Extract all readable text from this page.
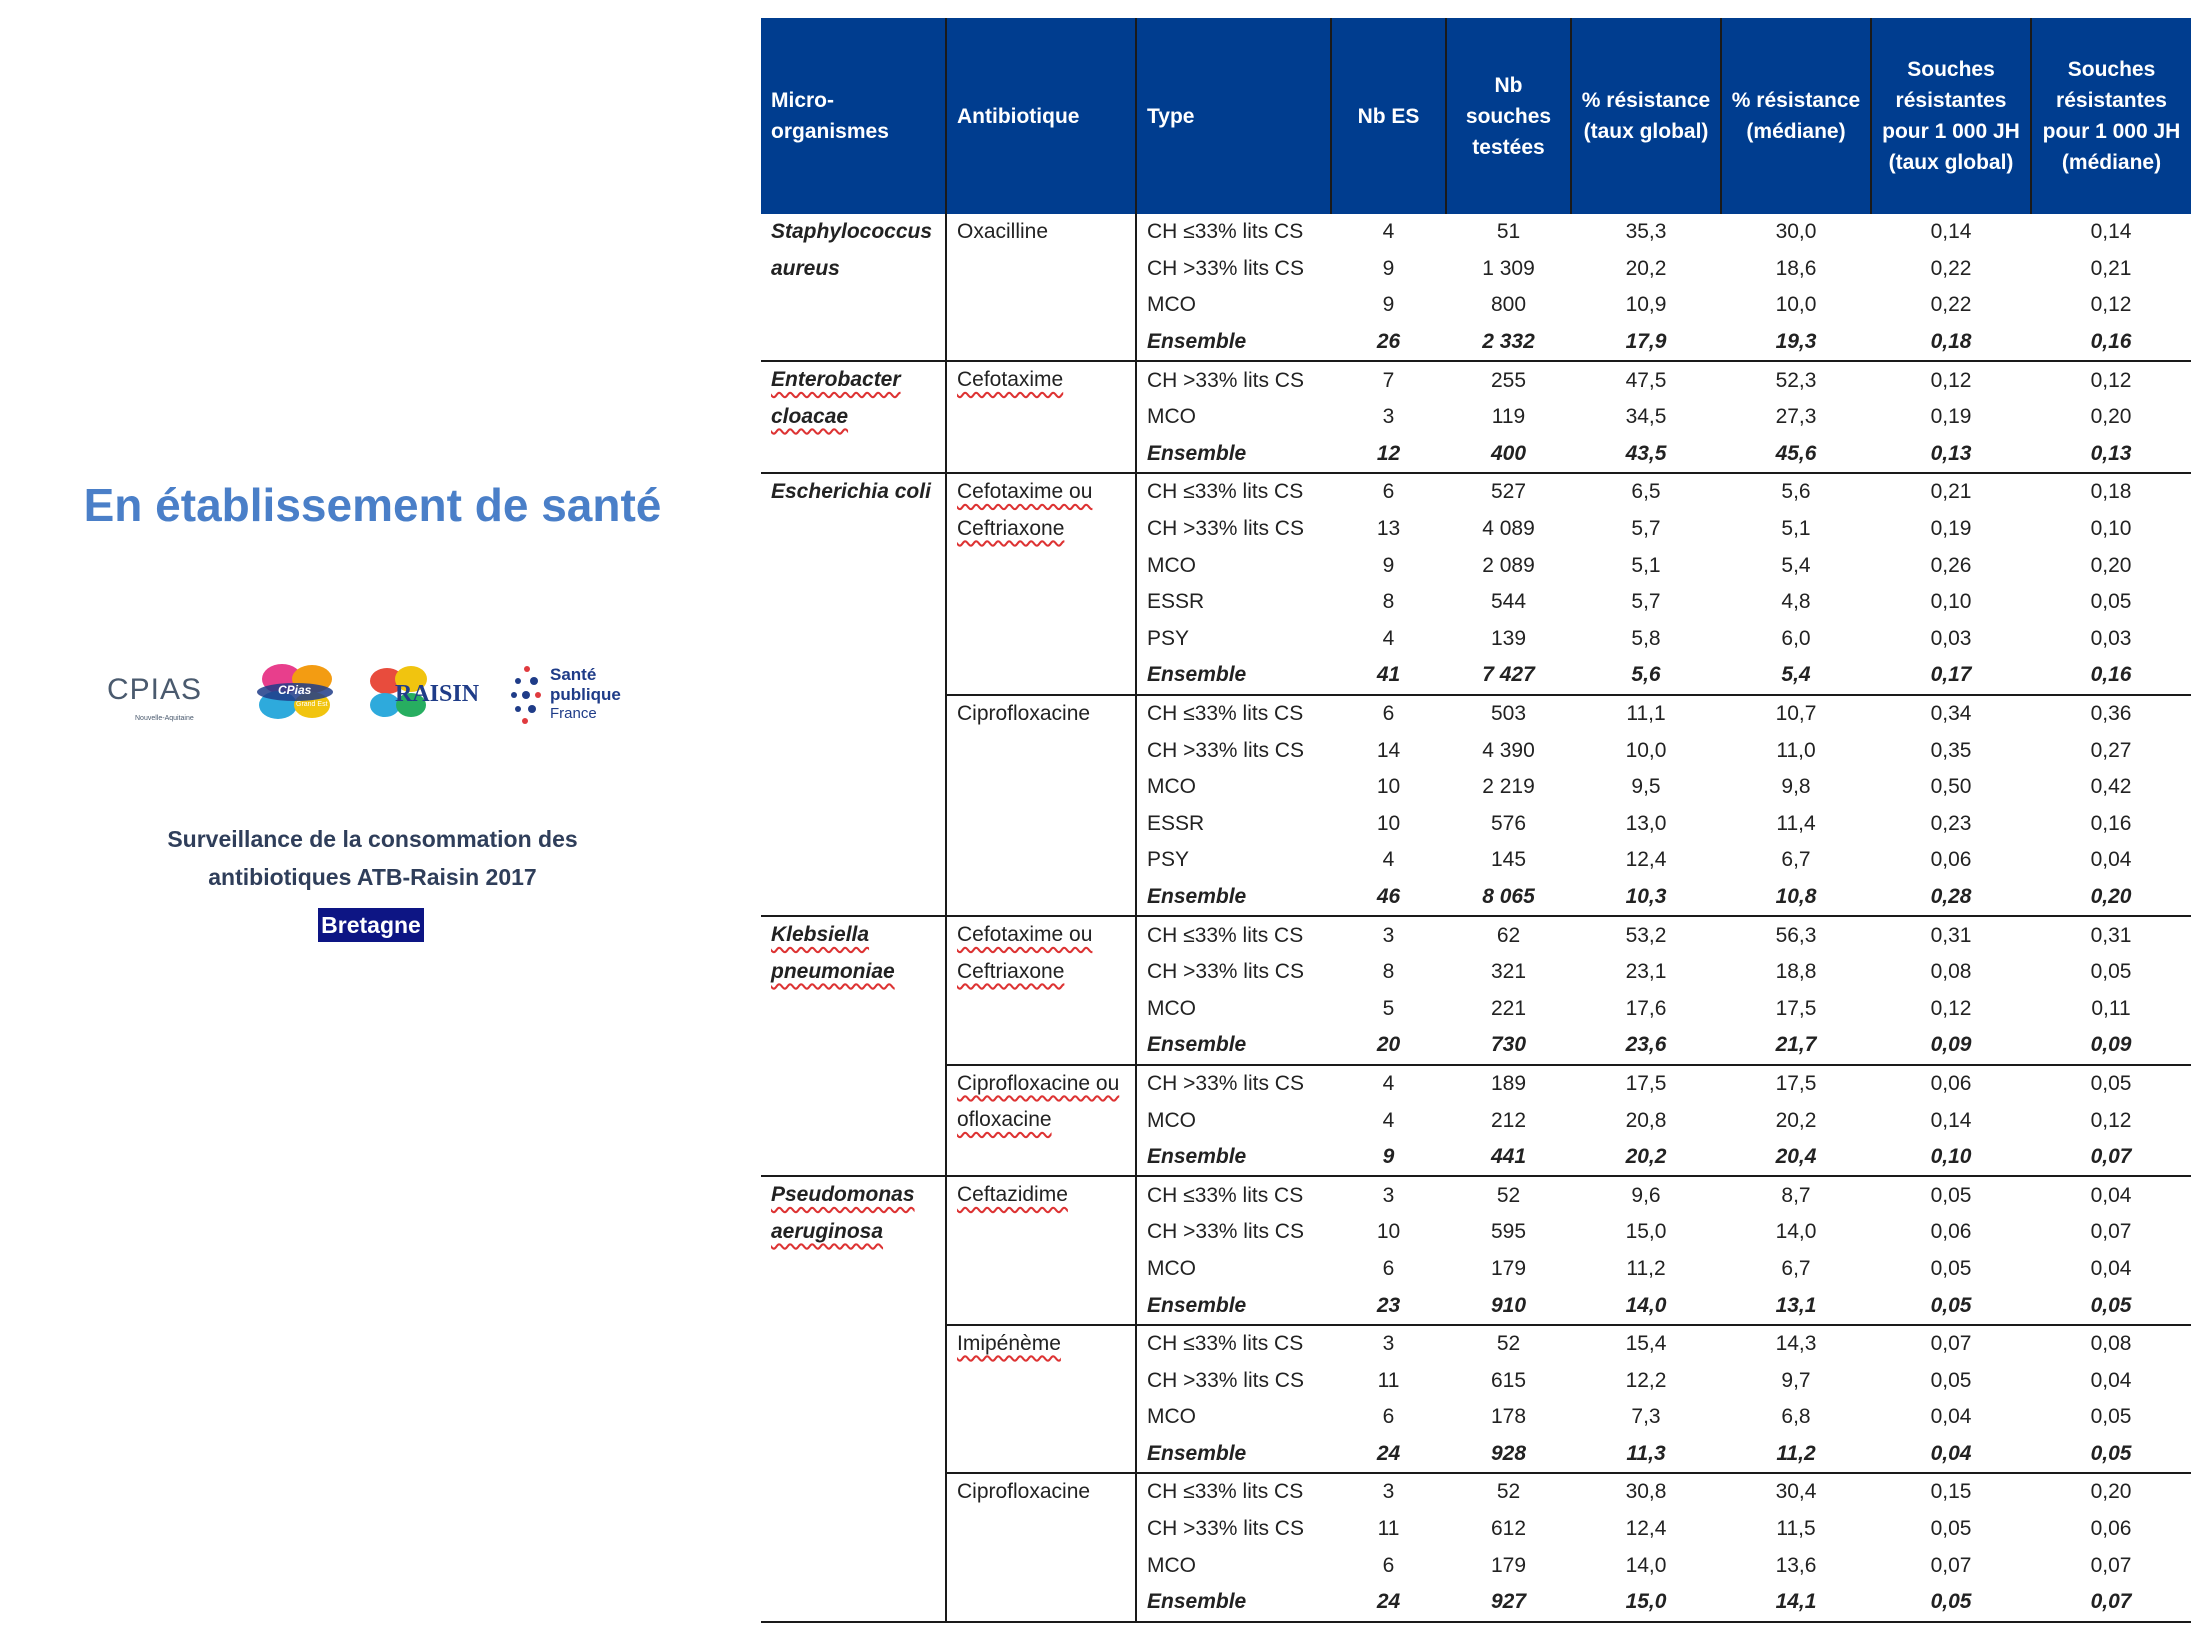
En établissement de santé
CPIAS
Nouvelle-Aquitaine
CPias
Grand Est	RAISIN
Santé
publique
France
Surveillance de la consommation des
antibiotiques ATB-Raisin 2017
Bretagne
Micro-organismes	Antibiotique	Type	Nb ES	Nb souches testées	% résistance (taux global)	% résistance (médiane)	Souches résistantes pour 1 000 JH (taux global)	Souches résistantes pour 1 000 JH (médiane)
Staphylococcus aureus	Oxacilline	CH ≤33% lits CS	4	51	35,3	30,0	0,14	0,14
		CH >33% lits CS	9	1 309	20,2	18,6	0,22	0,21
		MCO	9	800	10,9	10,0	0,22	0,12
		Ensemble	26	2 332	17,9	19,3	0,18	0,16
Enterobacter cloacae	Cefotaxime	CH >33% lits CS	7	255	47,5	52,3	0,12	0,12
		MCO	3	119	34,5	27,3	0,19	0,20
		Ensemble	12	400	43,5	45,6	0,13	0,13
Escherichia coli	Cefotaxime ou Ceftriaxone	CH ≤33% lits CS	6	527	6,5	5,6	0,21	0,18
		CH >33% lits CS	13	4 089	5,7	5,1	0,19	0,10
		MCO	9	2 089	5,1	5,4	0,26	0,20
		ESSR	8	544	5,7	4,8	0,10	0,05
		PSY	4	139	5,8	6,0	0,03	0,03
		Ensemble	41	7 427	5,6	5,4	0,17	0,16
	Ciprofloxacine	CH ≤33% lits CS	6	503	11,1	10,7	0,34	0,36
		CH >33% lits CS	14	4 390	10,0	11,0	0,35	0,27
		MCO	10	2 219	9,5	9,8	0,50	0,42
		ESSR	10	576	13,0	11,4	0,23	0,16
		PSY	4	145	12,4	6,7	0,06	0,04
		Ensemble	46	8 065	10,3	10,8	0,28	0,20
Klebsiella pneumoniae	Cefotaxime ou Ceftriaxone	CH ≤33% lits CS	3	62	53,2	56,3	0,31	0,31
		CH >33% lits CS	8	321	23,1	18,8	0,08	0,05
		MCO	5	221	17,6	17,5	0,12	0,11
		Ensemble	20	730	23,6	21,7	0,09	0,09
	Ciprofloxacine ou ofloxacine	CH >33% lits CS	4	189	17,5	17,5	0,06	0,05
		MCO	4	212	20,8	20,2	0,14	0,12
		Ensemble	9	441	20,2	20,4	0,10	0,07
Pseudomonas aeruginosa	Ceftazidime	CH ≤33% lits CS	3	52	9,6	8,7	0,05	0,04
		CH >33% lits CS	10	595	15,0	14,0	0,06	0,07
		MCO	6	179	11,2	6,7	0,05	0,04
		Ensemble	23	910	14,0	13,1	0,05	0,05
	Imipénème	CH ≤33% lits CS	3	52	15,4	14,3	0,07	0,08
		CH >33% lits CS	11	615	12,2	9,7	0,05	0,04
		MCO	6	178	7,3	6,8	0,04	0,05
		Ensemble	24	928	11,3	11,2	0,04	0,05
	Ciprofloxacine	CH ≤33% lits CS	3	52	30,8	30,4	0,15	0,20
		CH >33% lits CS	11	612	12,4	11,5	0,05	0,06
		MCO	6	179	14,0	13,6	0,07	0,07
		Ensemble	24	927	15,0	14,1	0,05	0,07
